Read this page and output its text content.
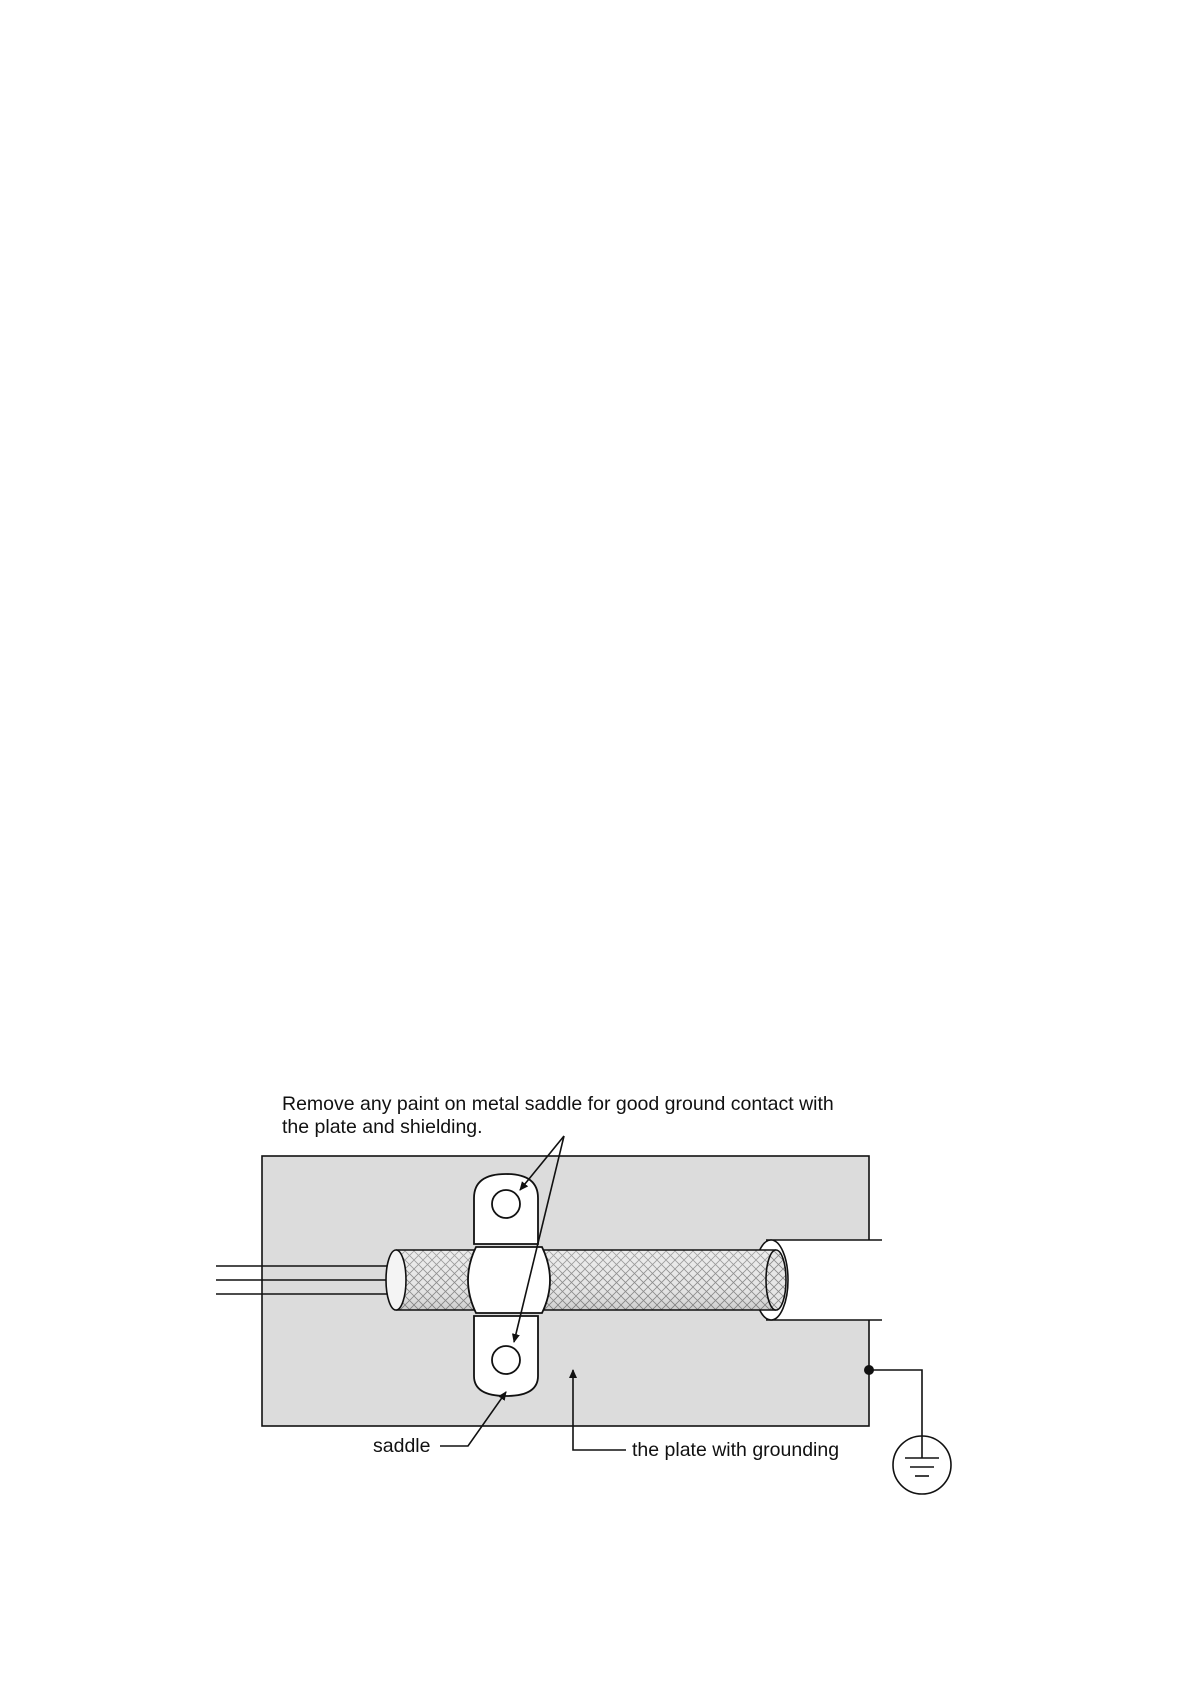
Remove any paint on metal saddle for good ground contact with
the plate and shielding.
saddle	the plate with grounding
